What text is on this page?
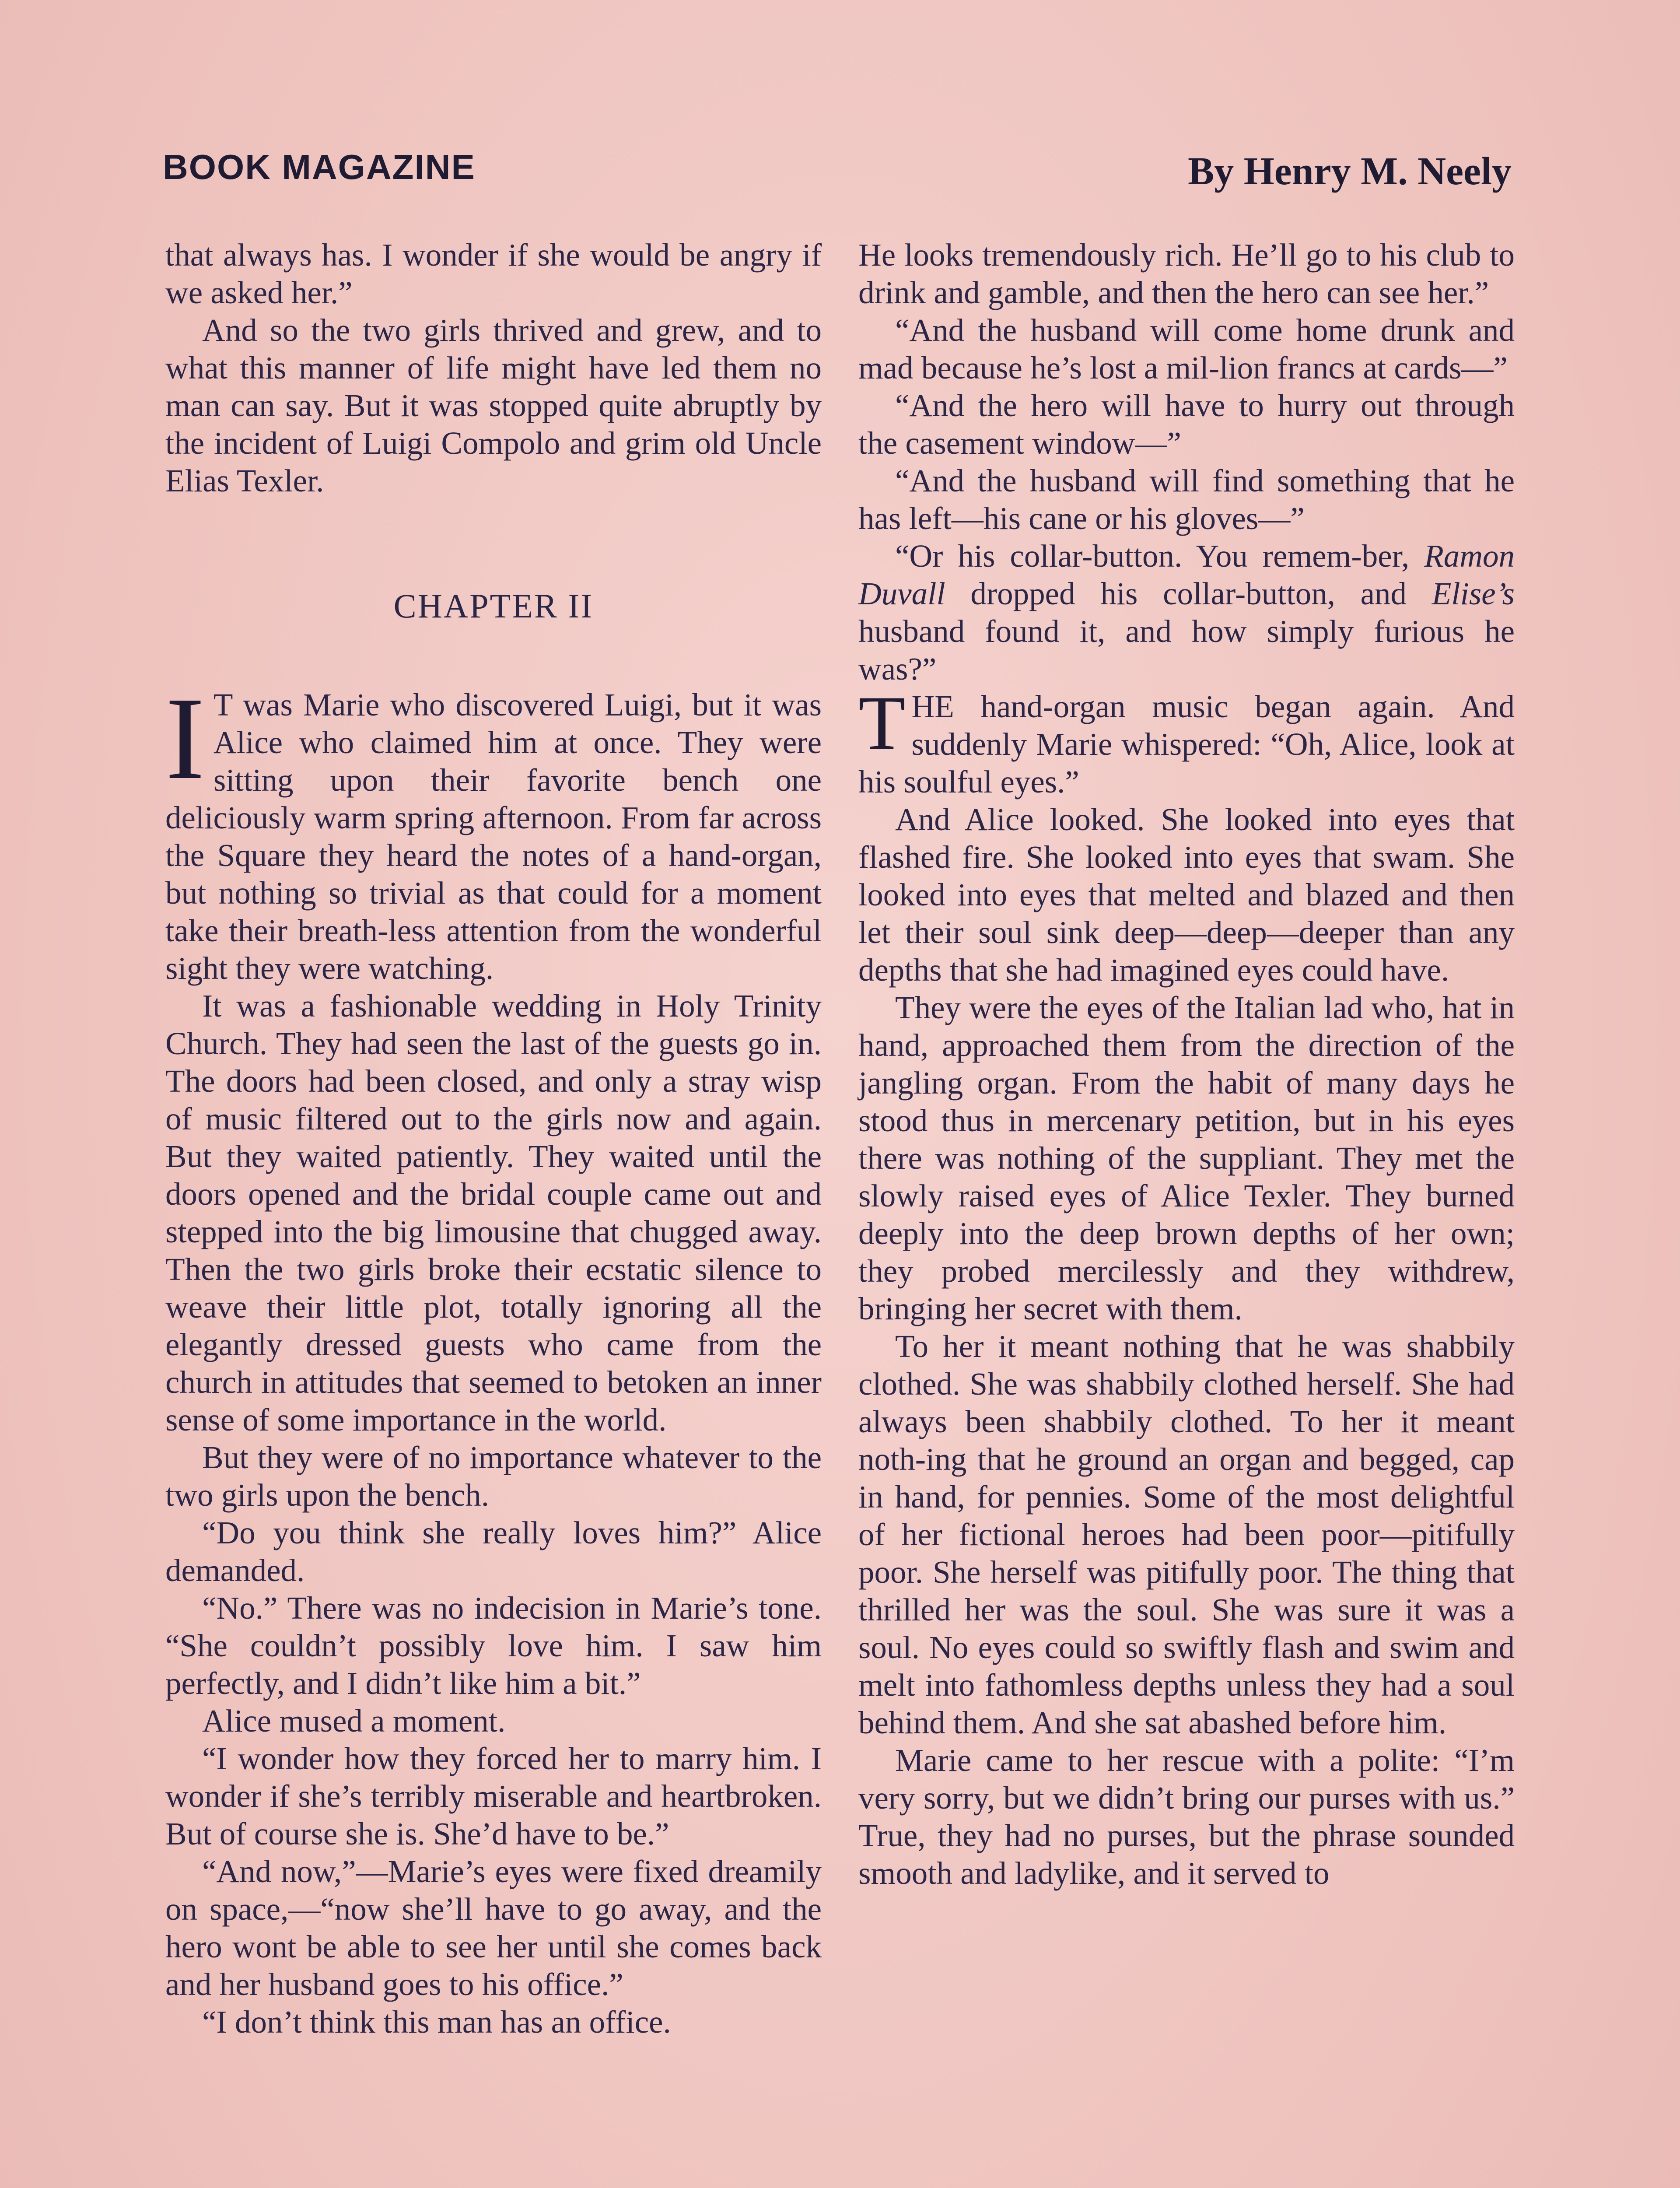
BOOK MAGAZINE	By Henry M. Neely

that always has. I wonder if she would be angry if we asked her.”

And so the two girls thrived and grew, and to what this manner of life might have led them no man can say. But it was stopped quite abruptly by the incident of Luigi Compolo and grim old Uncle Elias Texler.

CHAPTER II

I T was Marie who discovered Luigi, but it was Alice who claimed him at once. They were sitting upon their favorite bench one deliciously warm spring afternoon. From far across the Square they heard the notes of a hand-organ, but nothing so trivial as that could for a moment take their breath-less attention from the wonderful sight they were watching.

It was a fashionable wedding in Holy Trinity Church. They had seen the last of the guests go in. The doors had been closed, and only a stray wisp of music filtered out to the girls now and again. But they waited patiently. They waited until the doors opened and the bridal couple came out and stepped into the big limousine that chugged away. Then the two girls broke their ecstatic silence to weave their little plot, totally ignoring all the elegantly dressed guests who came from the church in attitudes that seemed to betoken an inner sense of some importance in the world.

But they were of no importance whatever to the two girls upon the bench.

“Do you think she really loves him?” Alice demanded.

“No.” There was no indecision in Marie’s tone. “She couldn’t possibly love him. I saw him perfectly, and I didn’t like him a bit.”

Alice mused a moment.

“I wonder how they forced her to marry him. I wonder if she’s terribly miserable and heartbroken. But of course she is. She’d have to be.”

“And now,”—Marie’s eyes were fixed dreamily on space,—“now she’ll have to go away, and the hero wont be able to see her until she comes back and her husband goes to his office.”

“I don’t think this man has an office.

He looks tremendously rich. He’ll go to his club to drink and gamble, and then the hero can see her.”

“And the husband will come home drunk and mad because he’s lost a mil-lion francs at cards—”

“And the hero will have to hurry out through the casement window—”

“And the husband will find something that he has left—his cane or his gloves—”

“Or his collar-button. You remem-ber, Ramon Duvall dropped his collar-button, and Elise’s husband found it, and how simply furious he was?”

THE hand-organ music began again. And suddenly Marie whispered: “Oh, Alice, look at his soulful eyes.”

And Alice looked. She looked into eyes that flashed fire. She looked into eyes that swam. She looked into eyes that melted and blazed and then let their soul sink deep—deep—deeper than any depths that she had imagined eyes could have.

They were the eyes of the Italian lad who, hat in hand, approached them from the direction of the jangling organ. From the habit of many days he stood thus in mercenary petition, but in his eyes there was nothing of the suppliant. They met the slowly raised eyes of Alice Texler. They burned deeply into the deep brown depths of her own; they probed mercilessly and they withdrew, bringing her secret with them.

To her it meant nothing that he was shabbily clothed. She was shabbily clothed herself. She had always been shabbily clothed. To her it meant noth-ing that he ground an organ and begged, cap in hand, for pennies. Some of the most delightful of her fictional heroes had been poor—pitifully poor. She herself was pitifully poor. The thing that thrilled her was the soul. She was sure it was a soul. No eyes could so swiftly flash and swim and melt into fathomless depths unless they had a soul behind them. And she sat abashed before him.

Marie came to her rescue with a polite: “I’m very sorry, but we didn’t bring our purses with us.” True, they had no purses, but the phrase sounded smooth and ladylike, and it served to
